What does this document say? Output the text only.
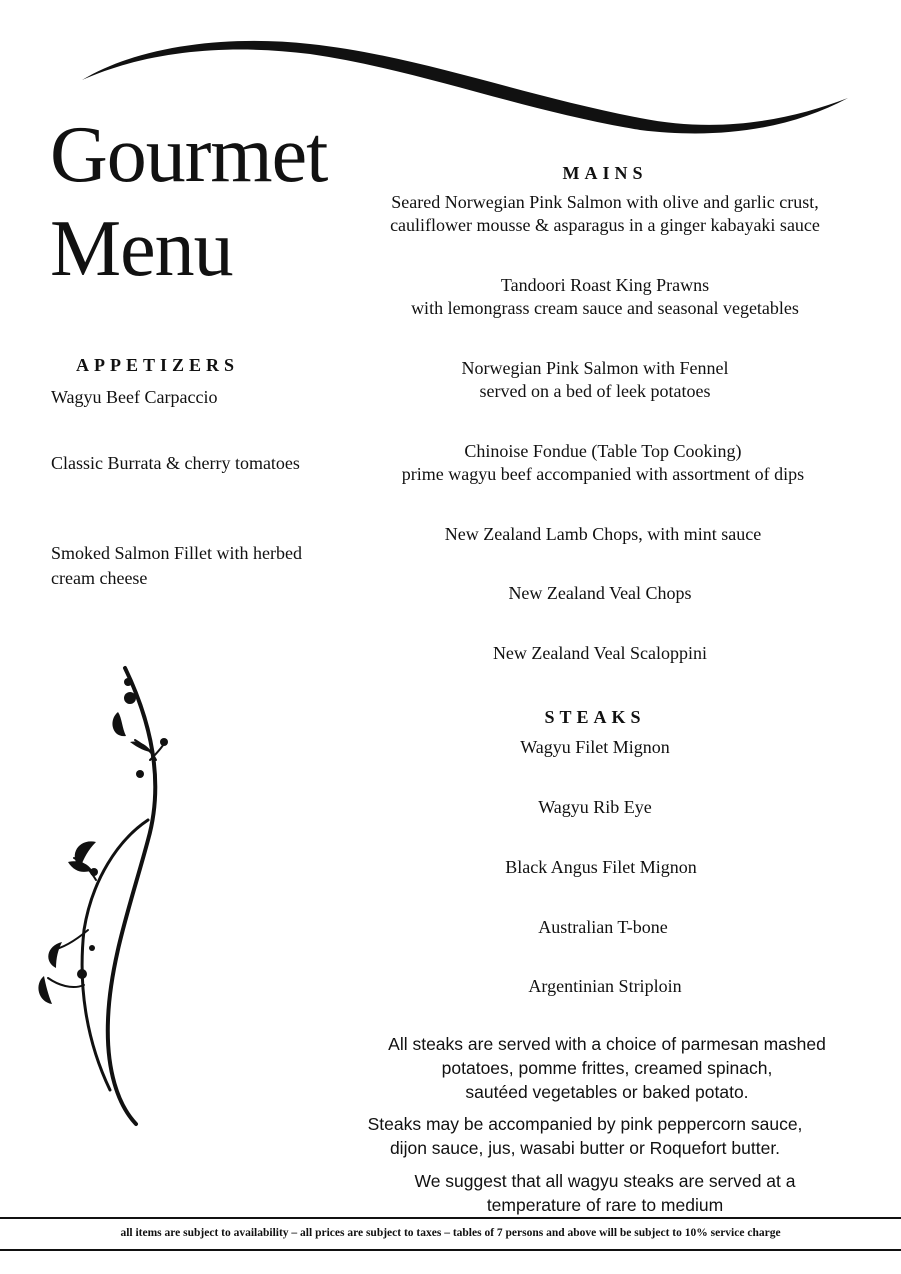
Gourmet
Menu
APPETIZERS
Wagyu Beef Carpaccio
Classic Burrata & cherry tomatoes
Smoked Salmon Fillet with herbed cream cheese
MAINS
Seared Norwegian Pink Salmon with olive and garlic crust,
cauliflower mousse & asparagus in a ginger kabayaki sauce
Tandoori Roast King Prawns
with lemongrass cream sauce and seasonal vegetables
Norwegian Pink Salmon with Fennel
served on a bed of leek potatoes
Chinoise Fondue (Table Top Cooking)
prime wagyu beef accompanied with assortment of dips
New Zealand Lamb Chops, with mint sauce
New Zealand Veal Chops
New Zealand Veal Scaloppini
STEAKS
Wagyu Filet Mignon
Wagyu Rib Eye
Black Angus Filet Mignon
Australian T-bone
Argentinian Striploin
All steaks are served with a choice of parmesan mashed
potatoes, pomme frittes, creamed spinach,
sautéed vegetables or baked potato.
Steaks may be accompanied by pink peppercorn sauce,
dijon sauce, jus, wasabi butter or Roquefort butter.
We suggest that all wagyu steaks are served at a
temperature of rare to medium
all items are subject to availability – all prices are subject to taxes – tables of 7 persons and above will be subject to 10% service charge
